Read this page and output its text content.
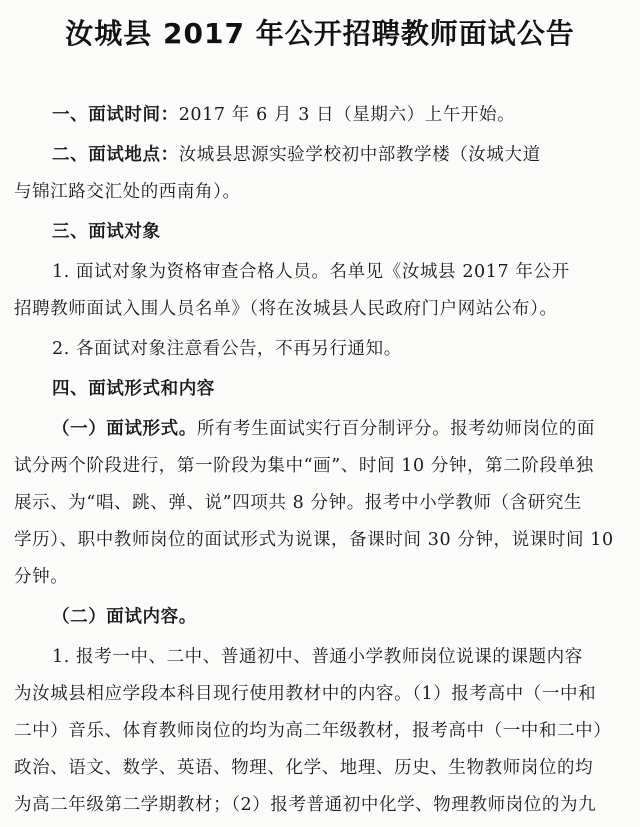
汝城县 2017 年公开招聘教师面试公告
一、面试时间：2017 年 6 月 3 日（星期六）上午开始。
二、面试地点：汝城县思源实验学校初中部教学楼（汝城大道
与锦江路交汇处的西南角）。
三、面试对象
1. 面试对象为资格审查合格人员。名单见《汝城县 2017 年公开
招聘教师面试入围人员名单》（将在汝城县人民政府门户网站公布）。
2. 各面试对象注意看公告，不再另行通知。
四、面试形式和内容
（一）面试形式。所有考生面试实行百分制评分。报考幼师岗位的面
试分两个阶段进行，第一阶段为集中“画”、时间 10 分钟，第二阶段单独
展示、为“唱、跳、弹、说”四项共 8 分钟。报考中小学教师（含研究生
学历）、职中教师岗位的面试形式为说课，备课时间 30 分钟，说课时间 10
分钟。
（二）面试内容。
1. 报考一中、二中、普通初中、普通小学教师岗位说课的课题内容
为汝城县相应学段本科目现行使用教材中的内容。（1）报考高中（一中和
二中）音乐、体育教师岗位的均为高二年级教材，报考高中（一中和二中）
政治、语文、数学、英语、物理、化学、地理、历史、生物教师岗位的均
为高二年级第二学期教材；（2）报考普通初中化学、物理教师岗位的为九
